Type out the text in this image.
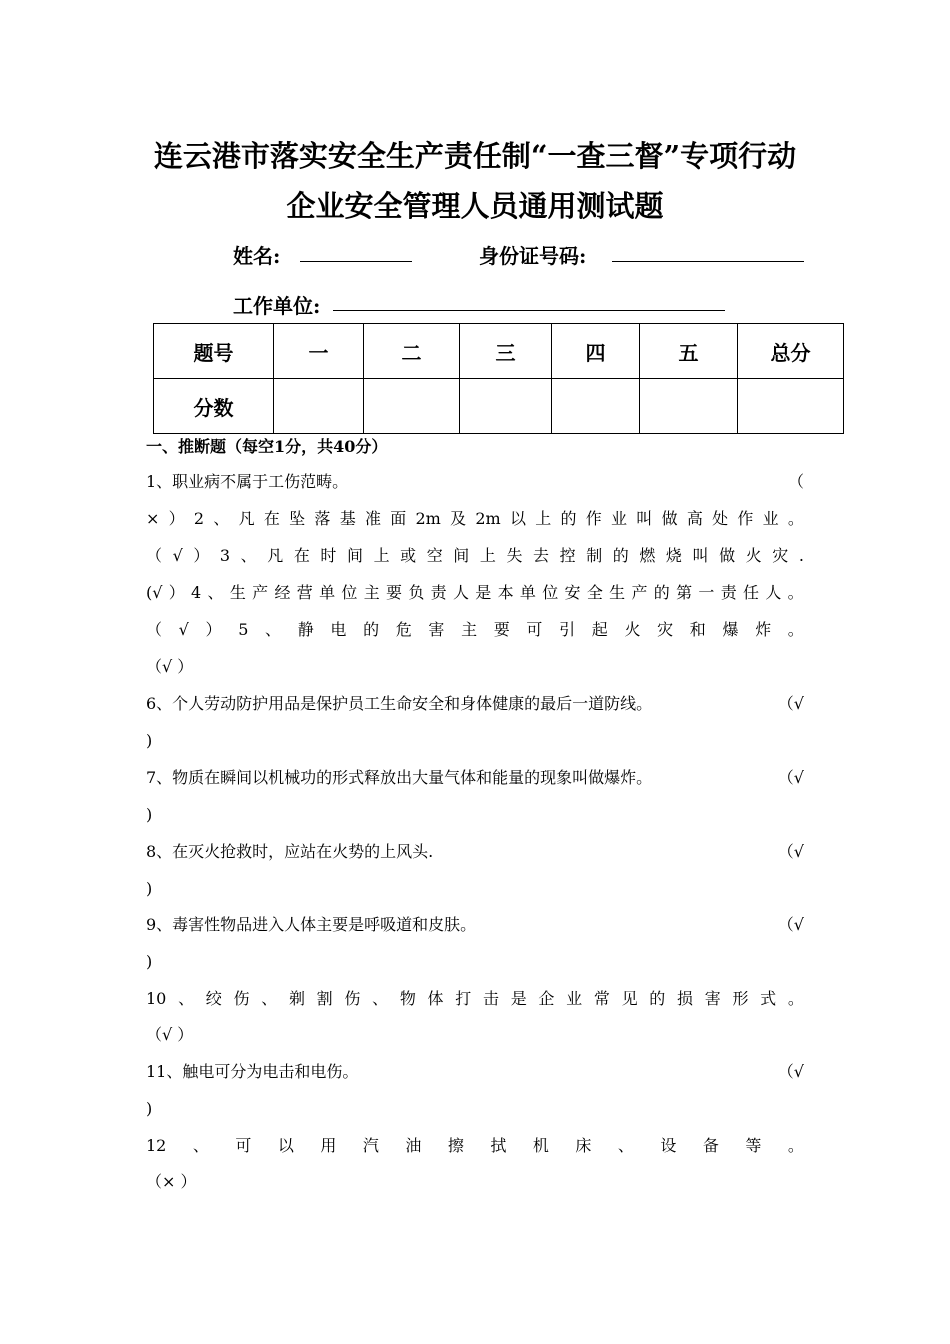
连云港市落实安全生产责任制“一查三督”专项行动
企业安全管理人员通用测试题
姓名:	身份证号码:
工作单位:
题号	一	二	三	四	五	总分
分数						
一、推断题（每空1分，共40分）
1、职业病不属于工伤范畴。	（
× ） 2 、 凡 在 坠 落 基 准 面 2m 及 2m 以 上 的 作 业 叫 做 高 处 作 业 。
（ √ ） 3 、 凡 在 时 间 上 或 空 间 上 失 去 控 制 的 燃 烧 叫 做 火 灾 .
(√ ） 4 、 生 产 经 营 单 位 主 要 负 责 人 是 本 单 位 安 全 生 产 的 第 一 责 任 人 。
（ √ ） 5 、 静 电 的 危 害 主 要 可 引 起 火 灾 和 爆 炸 。
（√ ）
6、个人劳动防护用品是保护员工生命安全和身体健康的最后一道防线。	（√
)
7、物质在瞬间以机械功的形式释放出大量气体和能量的现象叫做爆炸。	（√
)
8、在灭火抢救时，应站在火势的上风头.	（√
)
9、毒害性物品进入人体主要是呼吸道和皮肤。	（√
)
10 、 绞 伤 、 剃 割 伤 、 物 体 打 击 是 企 业 常 见 的 损 害 形 式 。
（√ ）
11、触电可分为电击和电伤。	（√
)
12 、 可 以 用 汽 油 擦 拭 机 床 、 设 备 等 。
（× ）
